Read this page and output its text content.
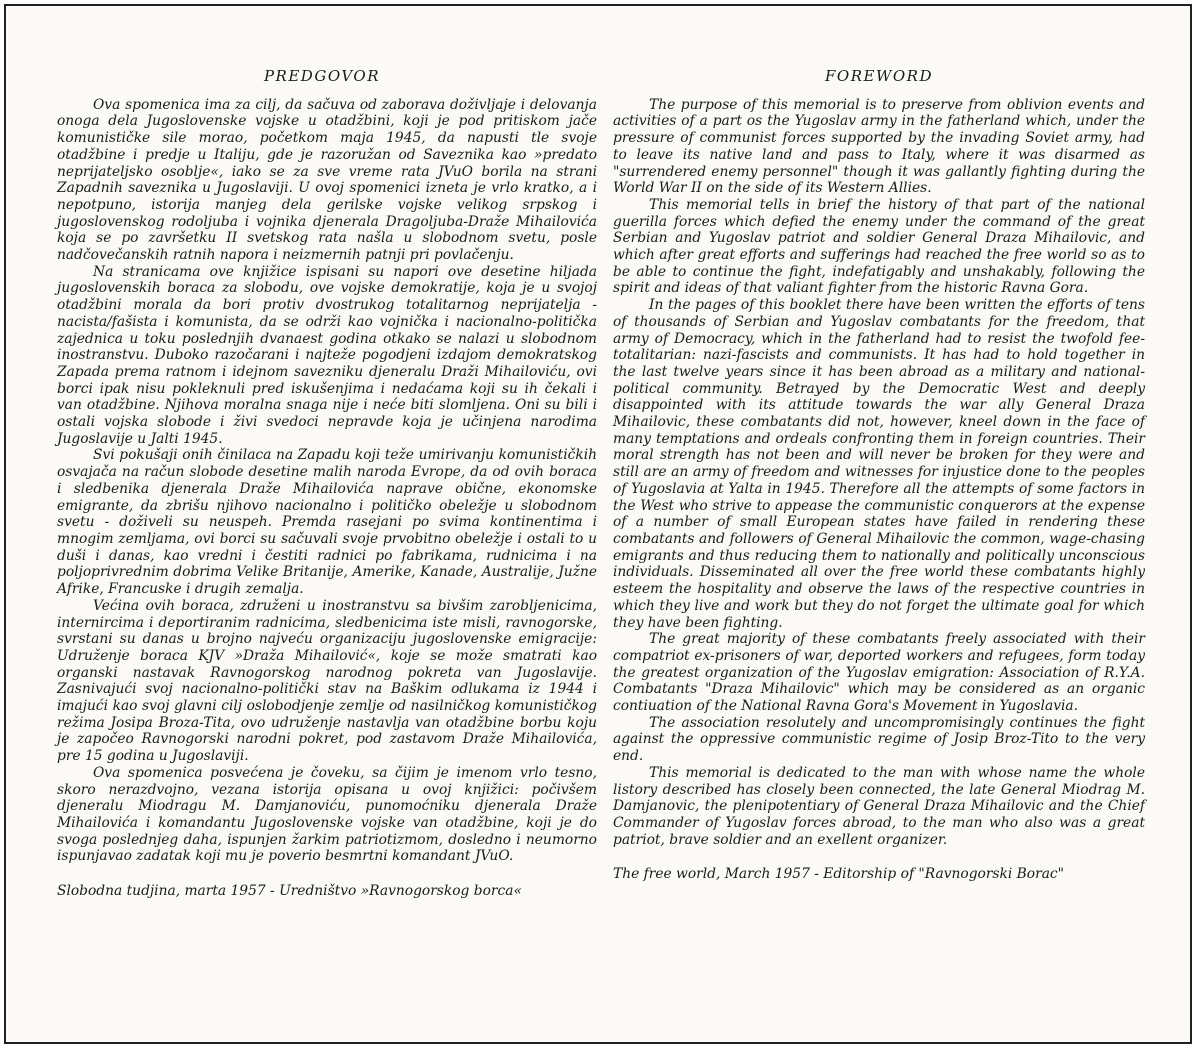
PREDGOVOR

Ova spomenica ima za cilj, da sačuva od zaborava doživljaje i delovanja onoga dela Jugoslovenske vojske u otadžbini, koji je pod pritiskom jače komunističke sile morao, početkom maja 1945, da napusti tle svoje otadžbine i predje u Italiju, gde je razoružan od Saveznika kao »predato neprijateljsko osoblje«, iako se za sve vreme rata JVuO borila na strani Zapadnih saveznika u Jugoslaviji. U ovoj spomenici izneta je vrlo kratko, a i nepotpuno, istorija manjeg dela gerilske vojske velikog srpskog i jugoslovenskog rodoljuba i vojnika djenerala Dragoljuba-Draže Mihailovića koja se po završetku II svetskog rata našla u slobodnom svetu, posle nadčovečanskih ratnih napora i neizmernih patnji pri povlačenju.

Na stranicama ove knjižice ispisani su napori ove desetine hiljada jugoslovenskih boraca za slobodu, ove vojske demokratije, koja je u svojoj otadžbini morala da bori protiv dvostrukog totalitarnog neprijatelja - nacista/fašista i komunista, da se održi kao vojnička i nacionalno-politička zajednica u toku poslednjih dvanaest godina otkako se nalazi u slobodnom inostranstvu. Duboko razočarani i najteže pogodjeni izdajom demokratskog Zapada prema ratnom i idejnom savezniku djeneralu Draži Mihailoviću, ovi borci ipak nisu pokleknuli pred iskušenjima i nedaćama koji su ih čekali i van otadžbine. Njihova moralna snaga nije i neće biti slomljena. Oni su bili i ostali vojska slobode i živi svedoci nepravde koja je učinjena narodima Jugoslavije u Jalti 1945.

Svi pokušaji onih činilaca na Zapadu koji teže umirivanju komunističkih osvajača na račun slobode desetine malih naroda Evrope, da od ovih boraca i sledbenika djenerala Draže Mihailovića naprave obične, ekonomske emigrante, da zbrišu njihovo nacionalno i političko obeležje u slobodnom svetu - doživeli su neuspeh. Premda rasejani po svima kontinentima i mnogim zemljama, ovi borci su sačuvali svoje prvobitno obeležje i ostali to u duši i danas, kao vredni i čestiti radnici po fabrikama, rudnicima i na poljoprivrednim dobrima Velike Britanije, Amerike, Kanade, Australije, Južne Afrike, Francuske i drugih zemalja.

Većina ovih boraca, združeni u inostranstvu sa bivšim zarobljenicima, internircima i deportiranim radnicima, sledbenicima iste misli, ravnogorske, svrstani su danas u brojno najveću organizaciju jugoslovenske emigracije: Udruženje boraca KJV »Draža Mihailović«, koje se može smatrati kao organski nastavak Ravnogorskog narodnog pokreta van Jugoslavije. Zasnivajući svoj nacionalno-politički stav na Baškim odlukama iz 1944 i imajući kao svoj glavni cilj oslobodjenje zemlje od nasilničkog komunističkog režima Josipa Broza-Tita, ovo udruženje nastavlja van otadžbine borbu koju je započeo Ravnogorski narodni pokret, pod zastavom Draže Mihailovića, pre 15 godina u Jugoslaviji.

Ova spomenica posvećena je čoveku, sa čijim je imenom vrlo tesno, skoro nerazdvojno, vezana istorija opisana u ovoj knjižici: počivšem djeneralu Miodragu M. Damjanoviću, punomoćniku djenerala Draže Mihailovića i komandantu Jugoslovenske vojske van otadžbine, koji je do svoga poslednjeg daha, ispunjen žarkim patriotizmom, dosledno i neumorno ispunjavao zadatak koji mu je poverio besmrtni komandant JVuO.

Slobodna tudjina, marta 1957 - Uredništvo »Ravnogorskog borca«

FOREWORD

The purpose of this memorial is to preserve from oblivion events and activities of a part os the Yugoslav army in the fatherland which, under the pressure of communist forces supported by the invading Soviet army, had to leave its native land and pass to Italy, where it was disarmed as "surrendered enemy personnel" though it was gallantly fighting during the World War II on the side of its Western Allies.

This memorial tells in brief the history of that part of the national guerilla forces which defied the enemy under the command of the great Serbian and Yugoslav patriot and soldier General Draza Mihailovic, and which after great efforts and sufferings had reached the free world so as to be able to continue the fight, indefatigably and unshakably, following the spirit and ideas of that valiant fighter from the historic Ravna Gora.

In the pages of this booklet there have been written the efforts of tens of thousands of Serbian and Yugoslav combatants for the freedom, that army of Democracy, which in the fatherland had to resist the twofold fee-totalitarian: nazi-fascists and communists. It has had to hold together in the last twelve years since it has been abroad as a military and national-political community. Betrayed by the Democratic West and deeply disappointed with its attitude towards the war ally General Draza Mihailovic, these combatants did not, however, kneel down in the face of many temptations and ordeals confronting them in foreign countries. Their moral strength has not been and will never be broken for they were and still are an army of freedom and witnesses for injustice done to the peoples of Yugoslavia at Yalta in 1945. Therefore all the attempts of some factors in the West who strive to appease the communistic conquerors at the expense of a number of small European states have failed in rendering these combatants and followers of General Mihailovic the common, wage-chasing emigrants and thus reducing them to nationally and politically unconscious individuals. Disseminated all over the free world these combatants highly esteem the hospitality and observe the laws of the respective countries in which they live and work but they do not forget the ultimate goal for which they have been fighting.

The great majority of these combatants freely associated with their compatriot ex-prisoners of war, deported workers and refugees, form today the greatest organization of the Yugoslav emigration: Association of R.Y.A. Combatants "Draza Mihailovic" which may be considered as an organic contiuation of the National Ravna Gora's Movement in Yugoslavia.

The association resolutely and uncompromisingly continues the fight against the oppressive communistic regime of Josip Broz-Tito to the very end.

This memorial is dedicated to the man with whose name the whole listory described has closely been connected, the late General Miodrag M. Damjanovic, the plenipotentiary of General Draza Mihailovic and the Chief Commander of Yugoslav forces abroad, to the man who also was a great patriot, brave soldier and an exellent organizer.

The free world, March 1957 - Editorship of "Ravnogorski Borac"
